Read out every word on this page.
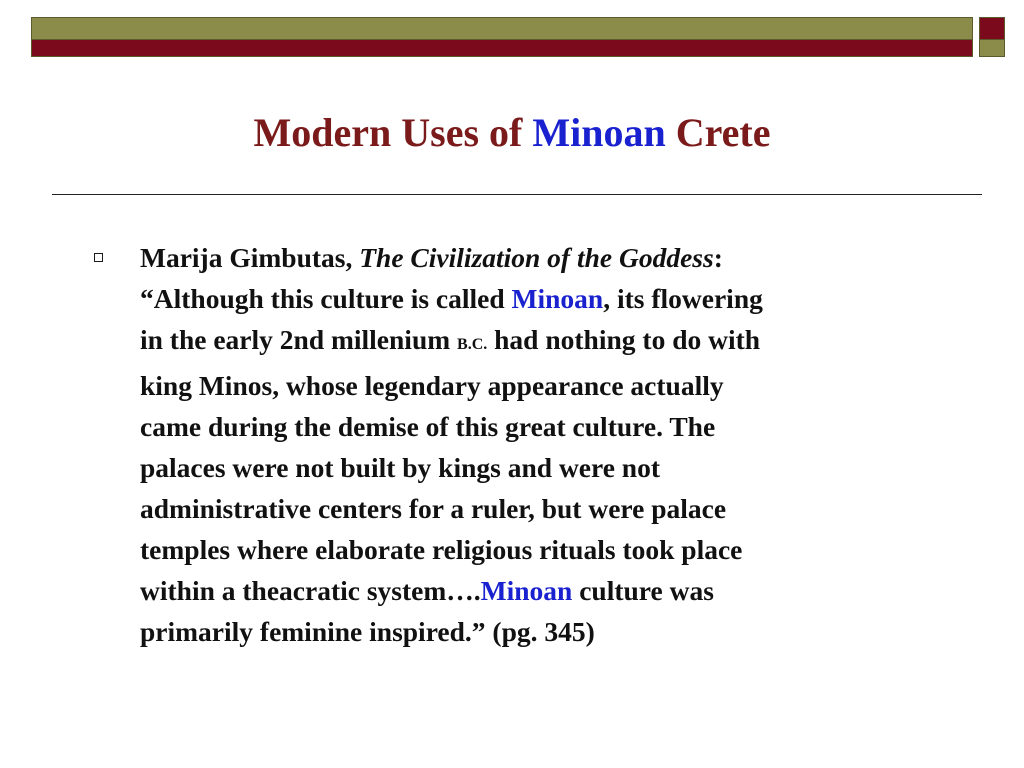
Modern Uses of Minoan Crete
Marija Gimbutas, The Civilization of the Goddess:
“Although this culture is called Minoan, its flowering
in the early 2nd millenium B.C. had nothing to do with
king Minos, whose legendary appearance actually
came during the demise of this great culture. The
palaces were not built by kings and were not
administrative centers for a ruler, but were palace
temples where elaborate religious rituals took place
within a theacratic system….Minoan culture was
primarily feminine inspired.” (pg. 345)
